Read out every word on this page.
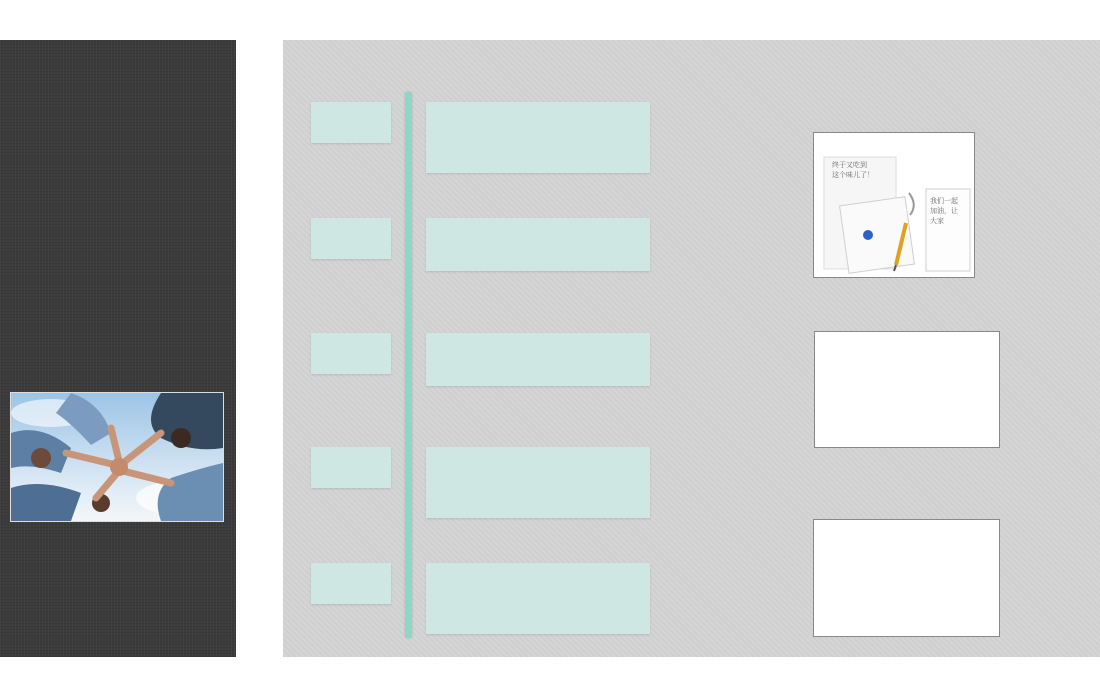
终于又吃到 这个味儿了！
我们一起 加油，让 大家
